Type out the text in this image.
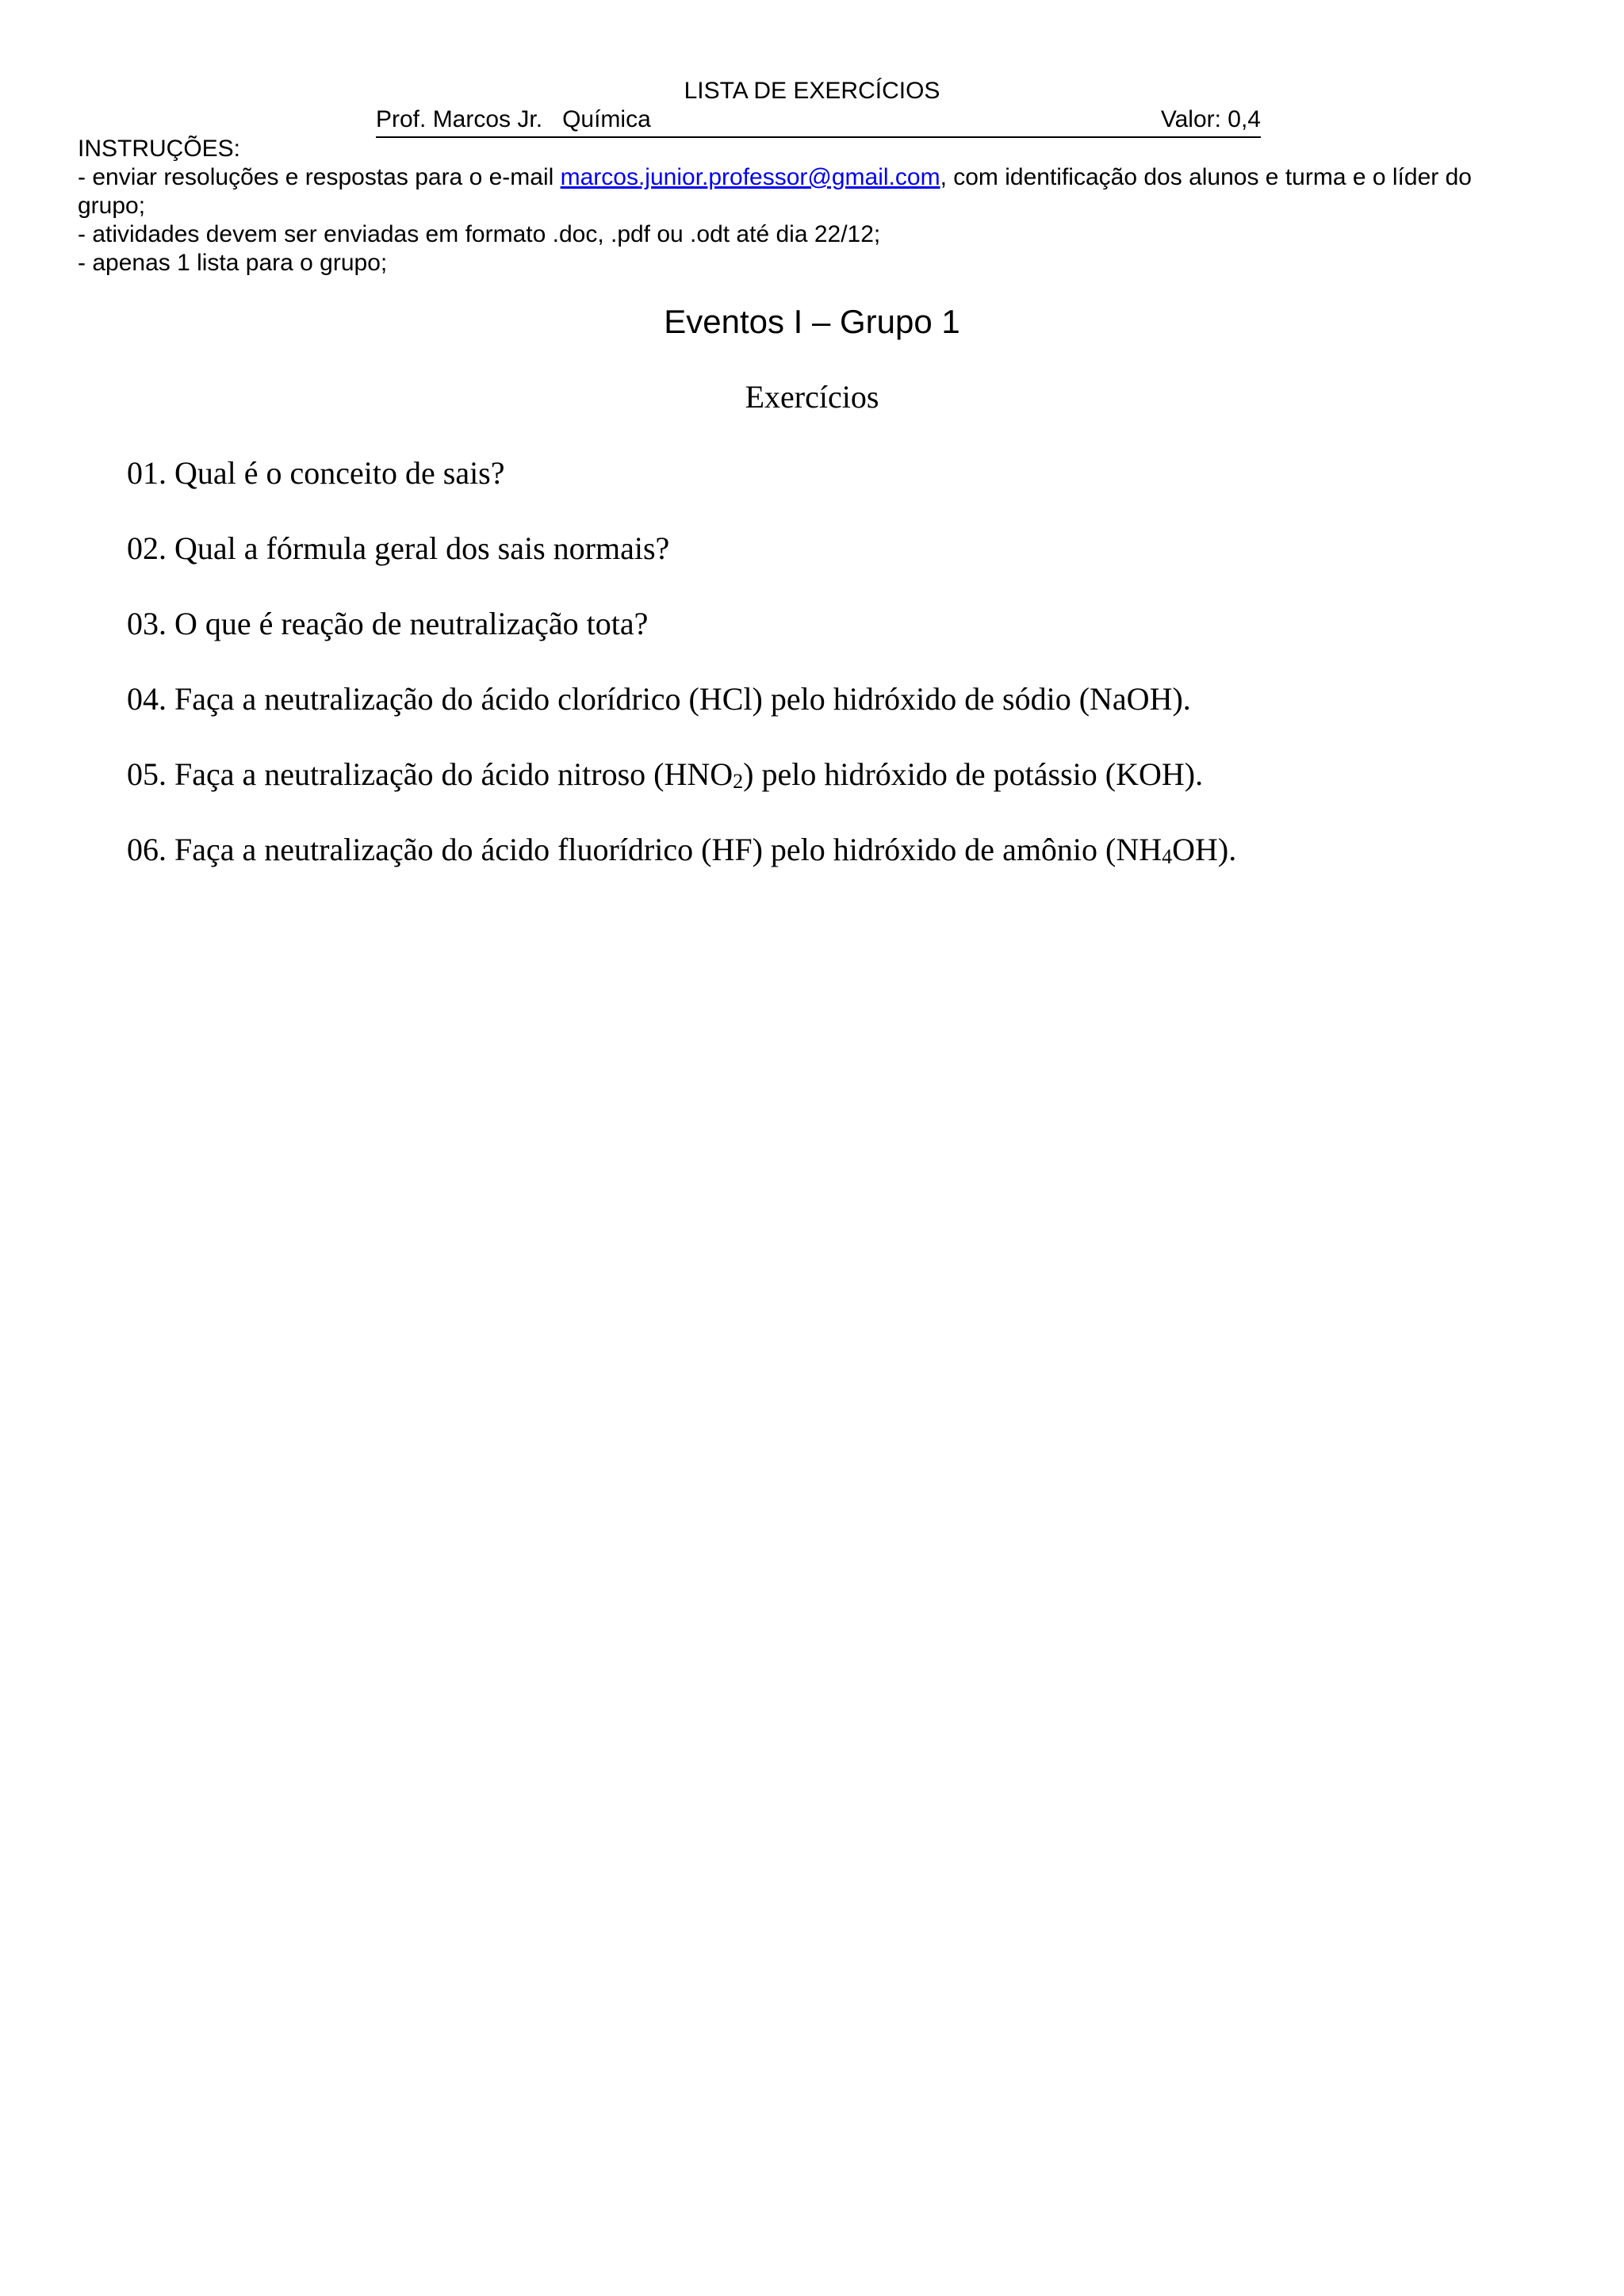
LISTA DE EXERCÍCIOS
Prof. Marcos Jr. Química	Valor: 0,4

INSTRUÇÕES:

- enviar resoluções e respostas para o e-mail marcos.junior.professor@gmail.com, com identificação dos alunos e turma e o líder do grupo;

- atividades devem ser enviadas em formato .doc, .pdf ou .odt até dia 22/12;

- apenas 1 lista para o grupo;

Eventos I – Grupo 1
Exercícios
01. Qual é o conceito de sais?
02. Qual a fórmula geral dos sais normais?
03. O que é reação de neutralização tota?
04. Faça a neutralização do ácido clorídrico (HCl) pelo hidróxido de sódio (NaOH).
05. Faça a neutralização do ácido nitroso $(HNO_2)$ pelo hidróxido de potássio (KOH).
06. Faça a neutralização do ácido fluorídrico (HF) pelo hidróxido de amônio $(NH_4OH)$.
